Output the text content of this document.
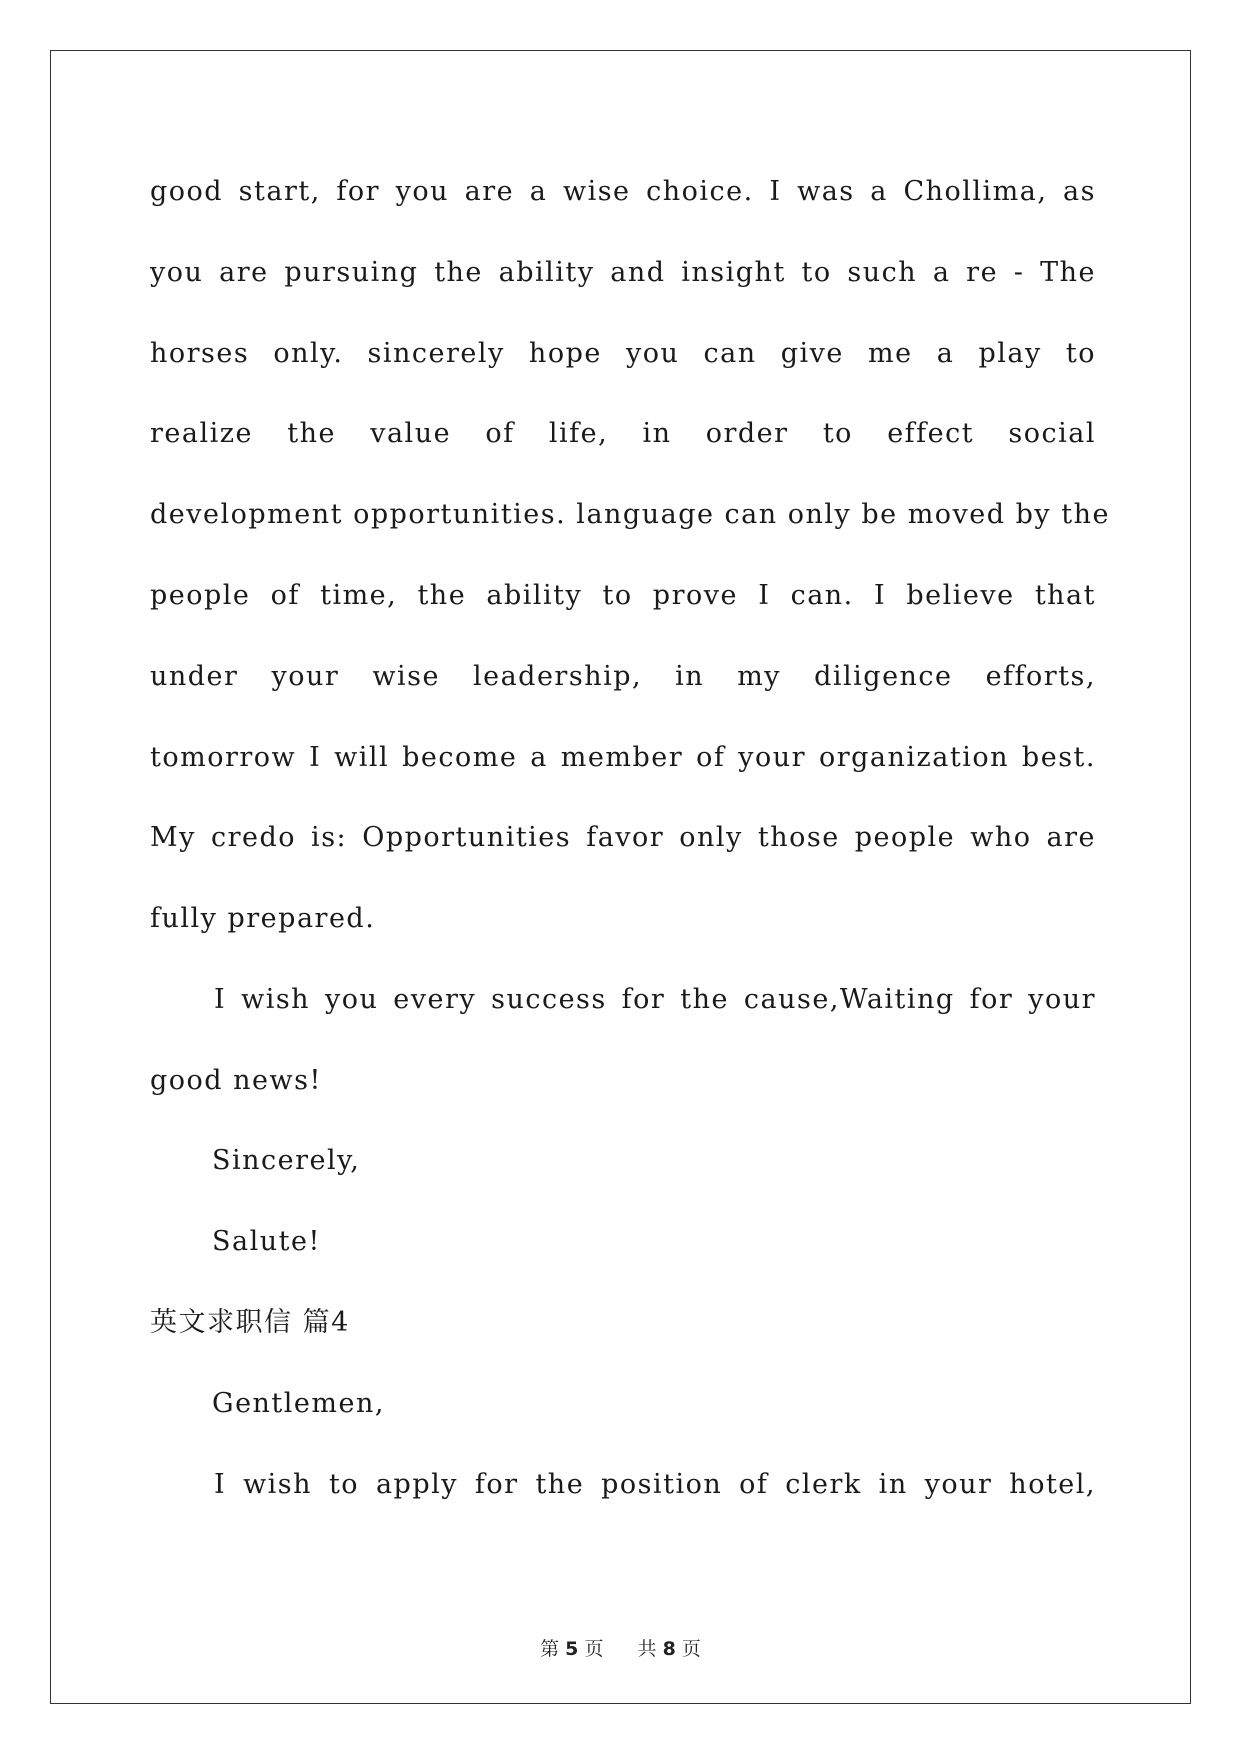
good start, for you are a wise choice. I was a Chollima, as
you are pursuing the ability and insight to such a re - The
horses only. sincerely hope you can give me a play to
realize the value of life, in order to effect social
development opportunities. language can only be moved by the
people of time, the ability to prove I can. I believe that
under your wise leadership, in my diligence efforts,
tomorrow I will become a member of your organization best.
My credo is: Opportunities favor only those people who are
fully prepared.
I wish you every success for the cause,Waiting for your
good news!
Sincerely,
Salute!
英文求职信 篇4
Gentlemen,
I wish to apply for the position of clerk in your hotel,
第 5 页 共 8 页
